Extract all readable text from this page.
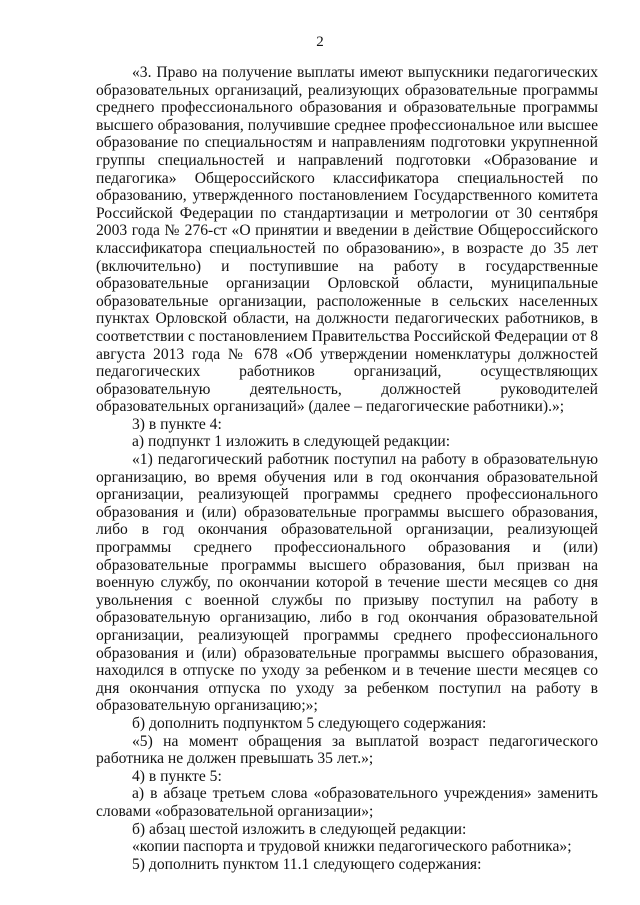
2

«3. Право на получение выплаты имеют выпускники педагогических образовательных организаций, реализующих образовательные программы среднего профессионального образования и образовательные программы высшего образования, получившие среднее профессиональное или высшее образование по специальностям и направлениям подготовки укрупненной группы специальностей и направлений подготовки «Образование и педагогика» Общероссийского классификатора специальностей по образованию, утвержденного постановлением Государственного комитета Российской Федерации по стандартизации и метрологии от 30 сентября 2003 года № 276-ст «О принятии и введении в действие Общероссийского классификатора специальностей по образованию», в возрасте до 35 лет (включительно) и поступившие на работу в государственные образовательные организации Орловской области, муниципальные образовательные организации, расположенные в сельских населенных пунктах Орловской области, на должности педагогических работников, в соответствии с постановлением Правительства Российской Федерации от 8 августа 2013 года № 678 «Об утверждении номенклатуры должностей педагогических работников организаций, осуществляющих образовательную деятельность, должностей руководителей образовательных организаций» (далее – педагогические работники).»;

3) в пункте 4:

а) подпункт 1 изложить в следующей редакции:

«1) педагогический работник поступил на работу в образовательную организацию, во время обучения или в год окончания образовательной организации, реализующей программы среднего профессионального образования и (или) образовательные программы высшего образования, либо в год окончания образовательной организации, реализующей программы среднего профессионального образования и (или) образовательные программы высшего образования, был призван на военную службу, по окончании которой в течение шести месяцев со дня увольнения с военной службы по призыву поступил на работу в образовательную организацию, либо в год окончания образовательной организации, реализующей программы среднего профессионального образования и (или) образовательные программы высшего образования, находился в отпуске по уходу за ребенком и в течение шести месяцев со дня окончания отпуска по уходу за ребенком поступил на работу в образовательную организацию;»;

б) дополнить подпунктом 5 следующего содержания:

«5) на момент обращения за выплатой возраст педагогического работника не должен превышать 35 лет.»;

4) в пункте 5:

а) в абзаце третьем слова «образовательного учреждения» заменить словами «образовательной организации»;

б) абзац шестой изложить в следующей редакции:

«копии паспорта и трудовой книжки педагогического работника»;

5) дополнить пунктом 11.1 следующего содержания:
